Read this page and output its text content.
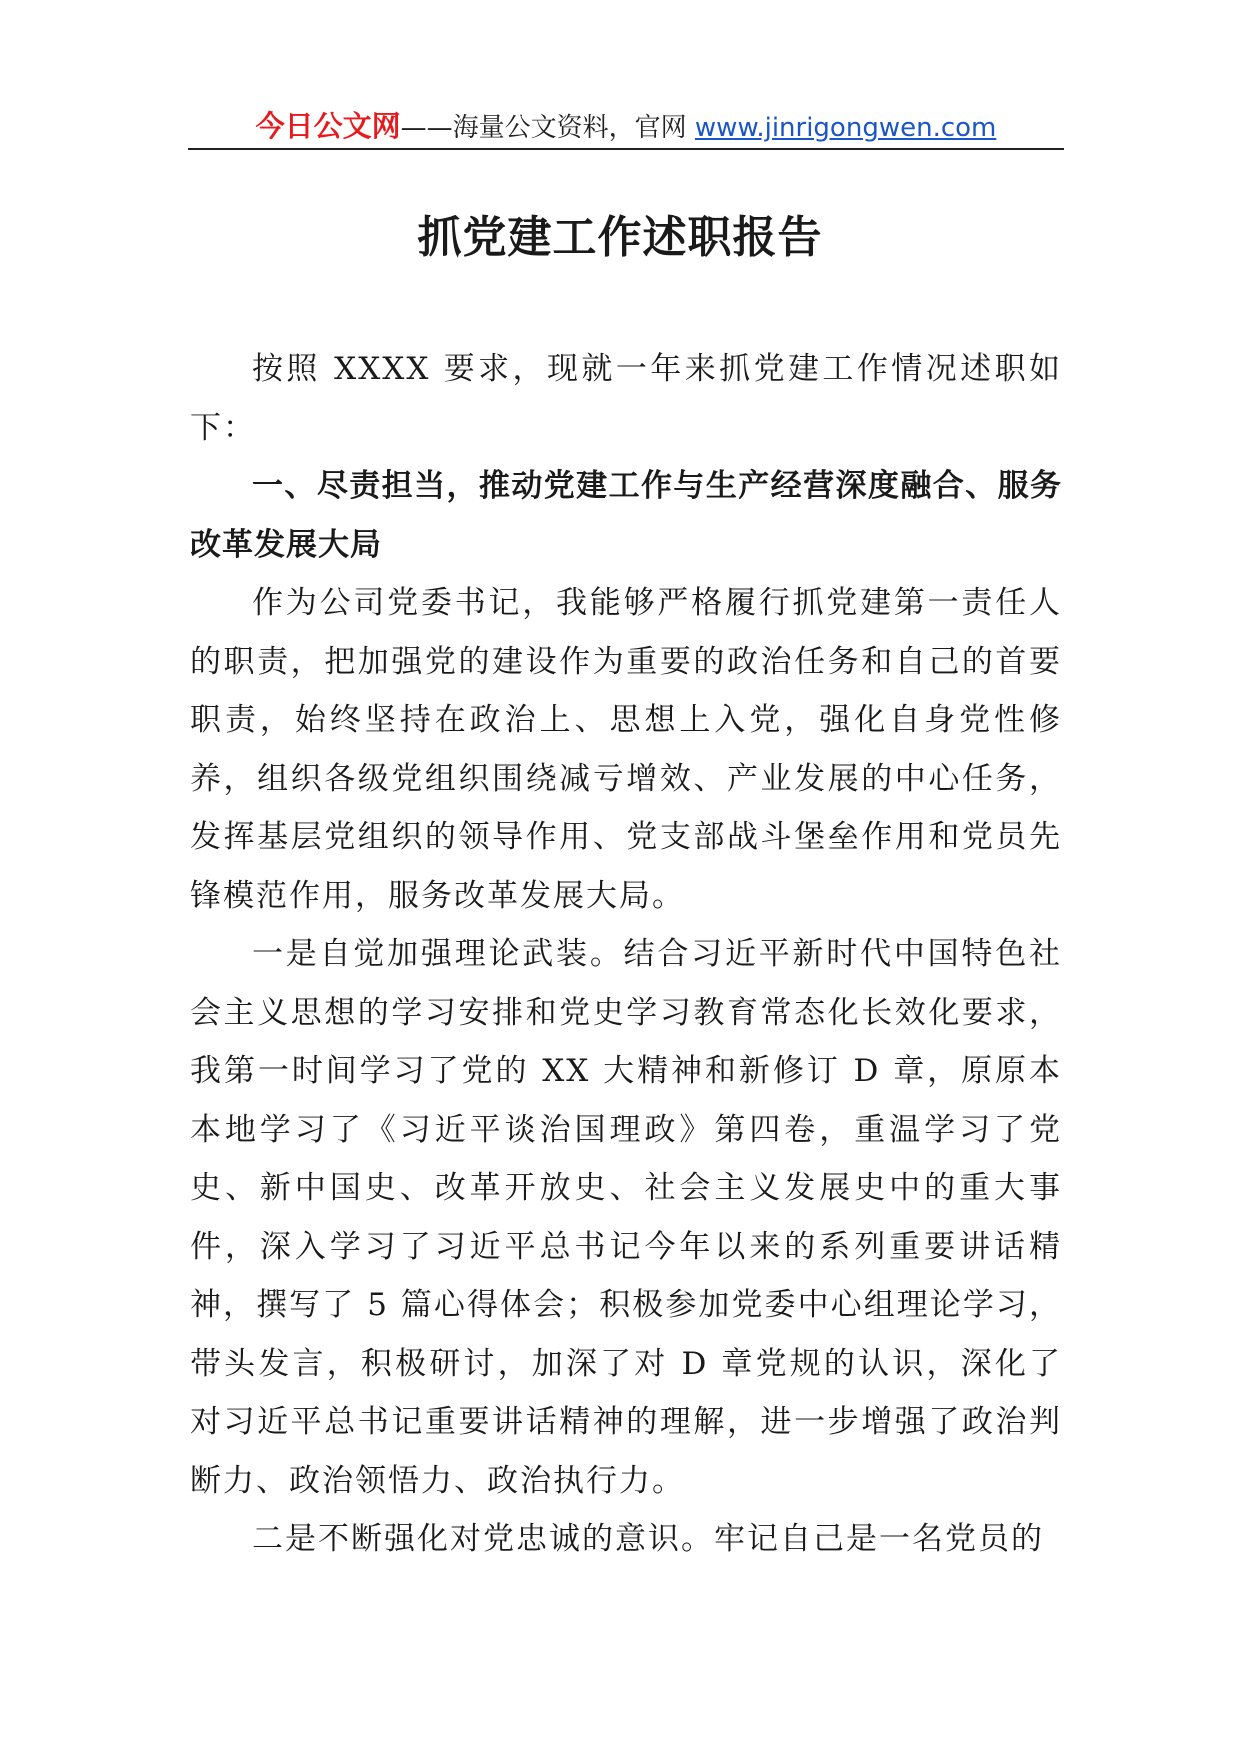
今日公文网——海量公文资料，官网 www.jinrigongwen.com
抓党建工作述职报告

按照 XXXX 要求，现就一年来抓党建工作情况述职如下：

一、尽责担当，推动党建工作与生产经营深度融合、服务改革发展大局

作为公司党委书记，我能够严格履行抓党建第一责任人的职责，把加强党的建设作为重要的政治任务和自己的首要职责，始终坚持在政治上、思想上入党，强化自身党性修养，组织各级党组织围绕减亏增效、产业发展的中心任务，发挥基层党组织的领导作用、党支部战斗堡垒作用和党员先锋模范作用，服务改革发展大局。

一是自觉加强理论武装。结合习近平新时代中国特色社会主义思想的学习安排和党史学习教育常态化长效化要求，我第一时间学习了党的 XX 大精神和新修订 D 章，原原本本地学习了《习近平谈治国理政》第四卷，重温学习了党史、新中国史、改革开放史、社会主义发展史中的重大事件，深入学习了习近平总书记今年以来的系列重要讲话精神，撰写了 5 篇心得体会；积极参加党委中心组理论学习，带头发言，积极研讨，加深了对 D 章党规的认识，深化了对习近平总书记重要讲话精神的理解，进一步增强了政治判断力、政治领悟力、政治执行力。

二是不断强化对党忠诚的意识。牢记自己是一名党员的
